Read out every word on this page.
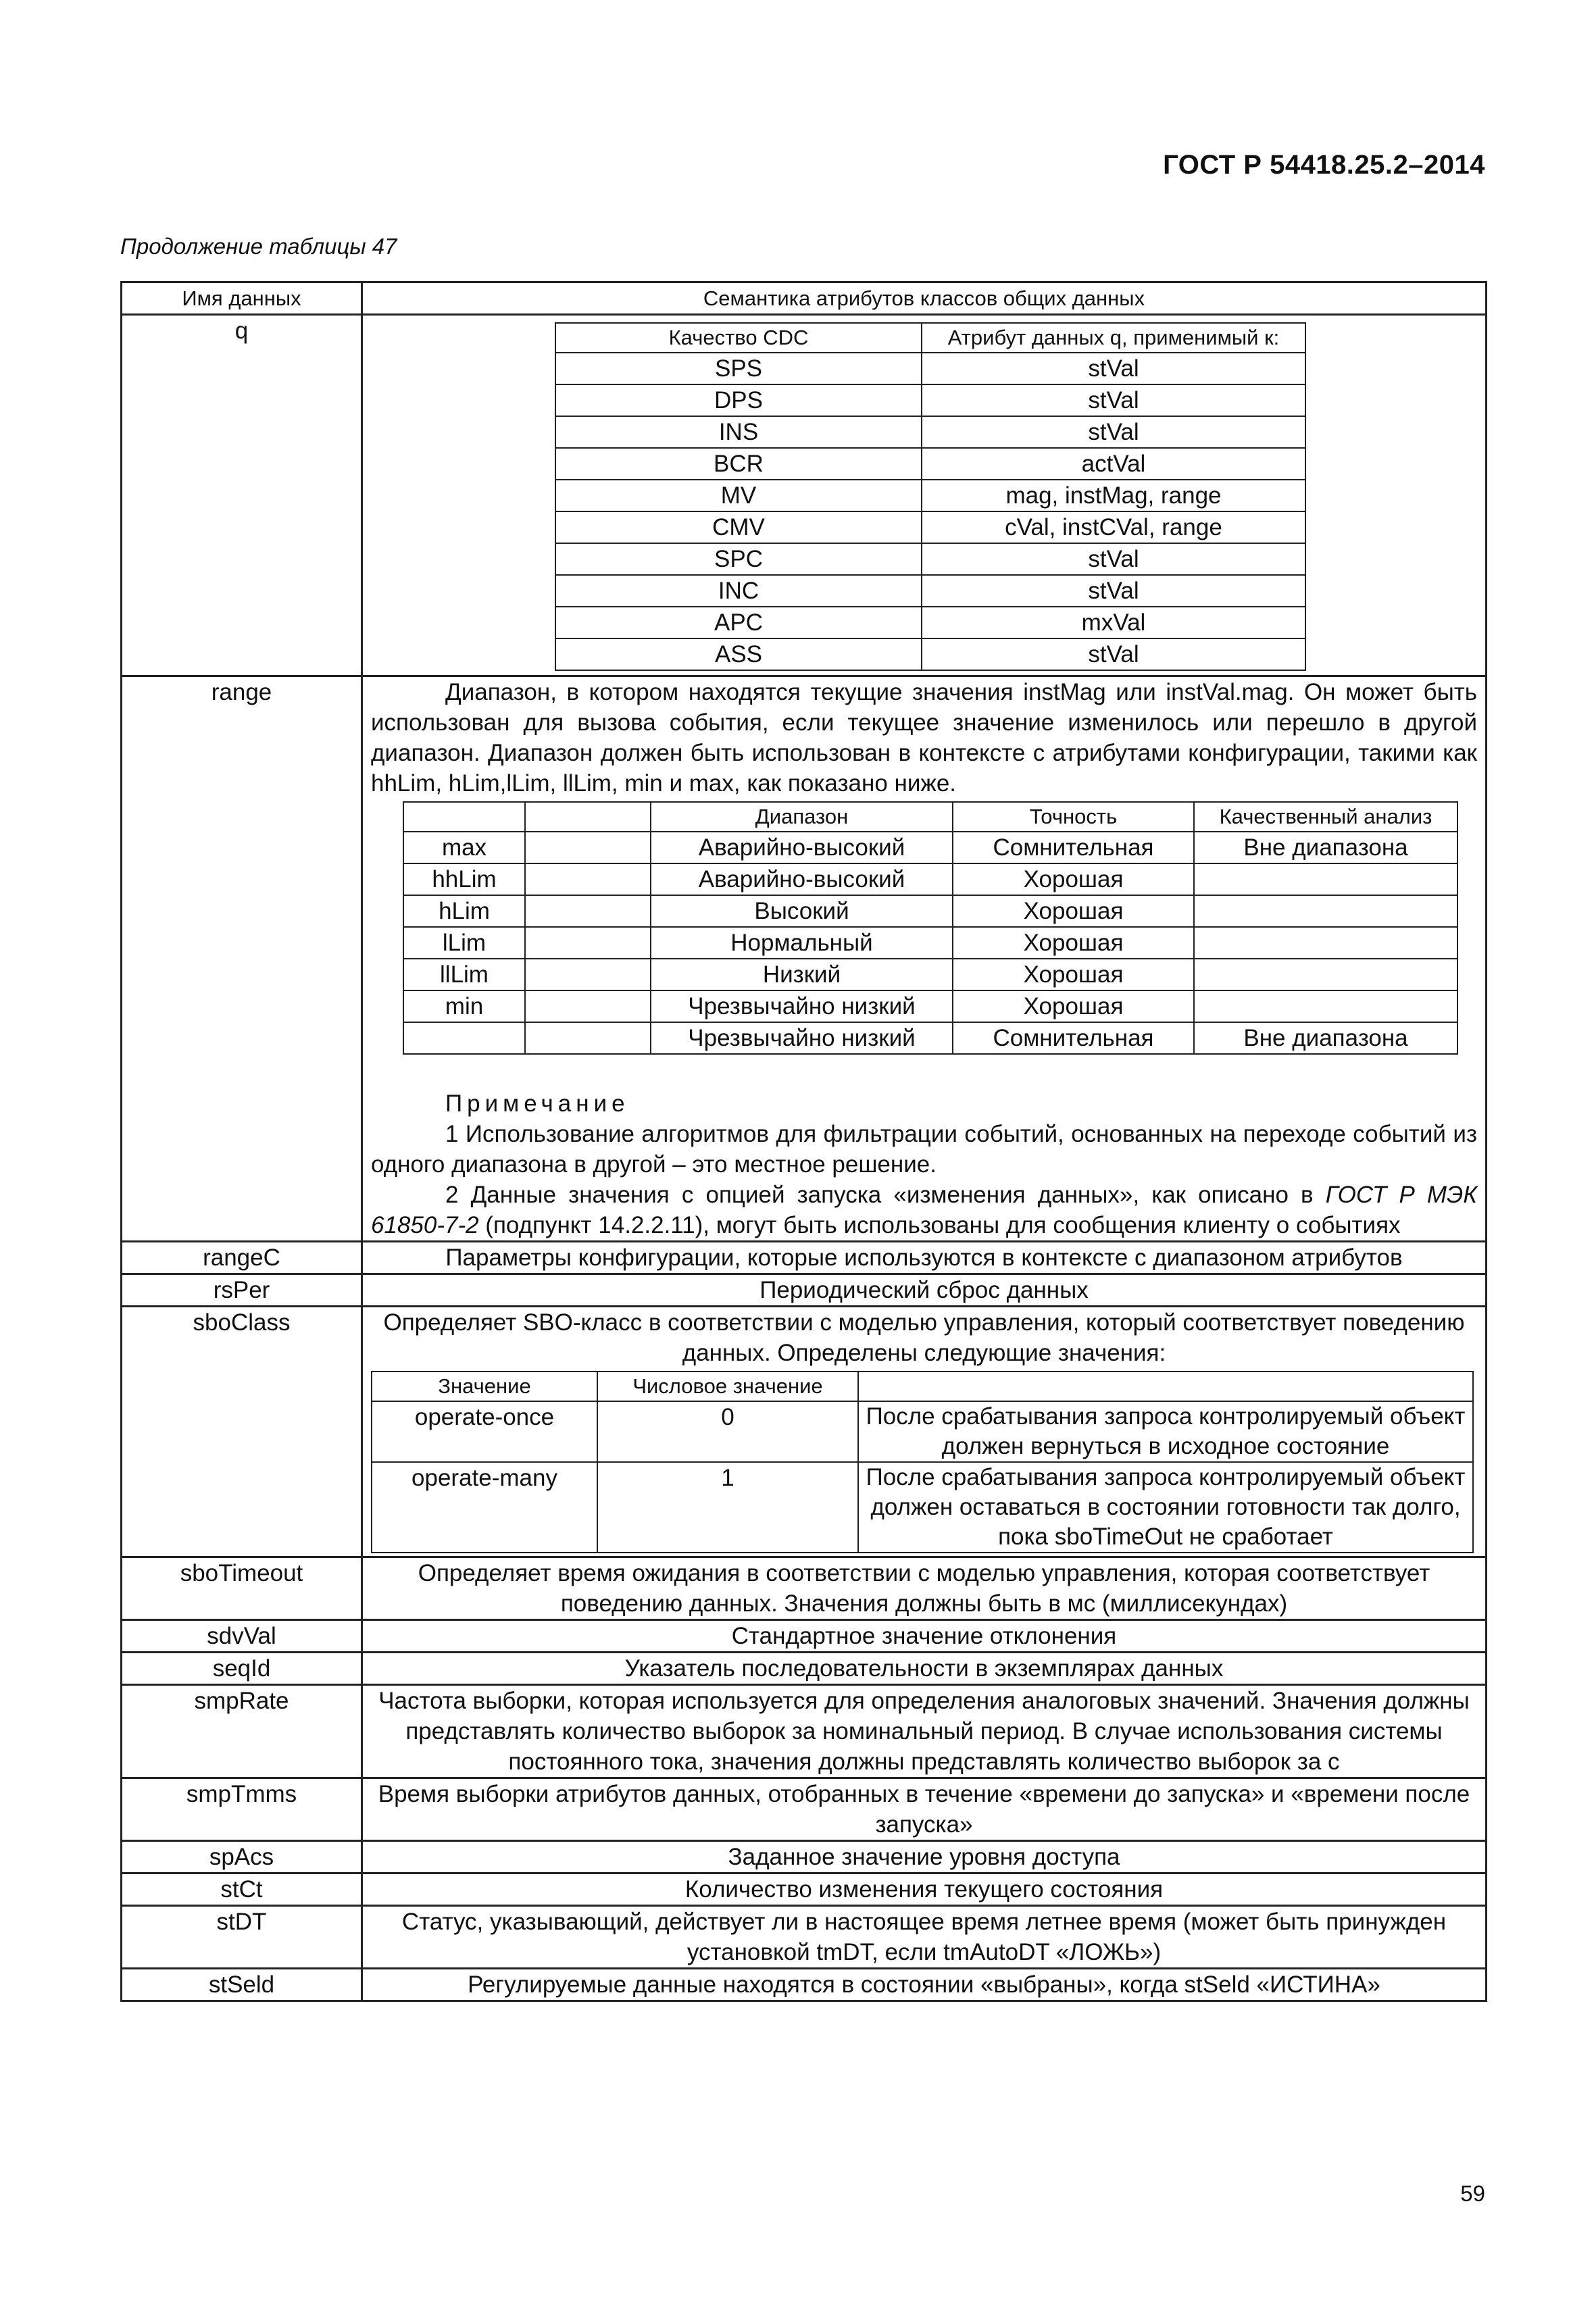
ГОСТ Р 54418.25.2–2014
Продолжение таблицы 47
Имя данных	Семантика атрибутов классов общих данных
q		Качество CDC	Атрибут данных q, применимый к:
SPS	stVal
DPS	stVal
INS	stVal
BCR	actVal
MV	mag, instMag, range
CMV	cVal, instCVal, range
SPC	stVal
INC	stVal
APC	mxVal
ASS	stVal

range	Диапазон, в котором находятся текущие значения instMag или instVal.mag. Он может быть использован для вызова события, если текущее значение изменилось или перешло в другой диапазон. Диапазон должен быть использован в контексте с атрибутами конфигурации, такими как hhLim, hLim,lLim, llLim, min и max, как показано ниже.

		Диапазон	Точность	Качественный анализ
max		Аварийно-высокий	Сомнительная	Вне диапазона
hhLim		Аварийно-высокий	Хорошая	
hLim		Высокий	Хорошая	
lLim		Нормальный	Хорошая	
llLim		Низкий	Хорошая	
min		Чрезвычайно низкий	Хорошая	
		Чрезвычайно низкий	Сомнительная	Вне диапазона

Примечание

1 Использование алгоритмов для фильтрации событий, основанных на переходе событий из одного диапазона в другой – это местное решение.

2 Данные значения с опцией запуска «изменения данных», как описано в ГОСТ Р МЭК 61850-7-2 (подпункт 14.2.2.11), могут быть использованы для сообщения клиенту о событиях

rangeC	Параметры конфигурации, которые используются в контексте с диапазоном атрибутов
rsPer	Периодический сброс данных
sboClass	Определяет SBO-класс в соответствии с моделью управления, который соответствует поведению данных. Определены следующие значения:

Значение	Числовое значение	
operate-once	0	После срабатывания запроса контролируемый объект должен вернуться в исходное состояние
operate-many	1	После срабатывания запроса контролируемый объект должен оставаться в состоянии готовности так долго, пока sboTimeOut не сработает

sboTimeout	Определяет время ожидания в соответствии с моделью управления, которая соответствует поведению данных. Значения должны быть в мс (миллисекундах)
sdvVal	Стандартное значение отклонения
seqId	Указатель последовательности в экземплярах данных
smpRate	Частота выборки, которая используется для определения аналоговых значений. Значения должны представлять количество выборок за номинальный период. В случае использования системы постоянного тока, значения должны представлять количество выборок за с
smpTmms	Время выборки атрибутов данных, отобранных в течение «времени до запуска» и «времени после запуска»
spAcs	Заданное значение уровня доступа
stCt	Количество изменения текущего состояния
stDT	Статус, указывающий, действует ли в настоящее время летнее время (может быть принужден установкой tmDT, если tmAutoDT «ЛОЖЬ»)
stSeld	Регулируемые данные находятся в состоянии «выбраны», когда stSeld «ИСТИНА»
59
